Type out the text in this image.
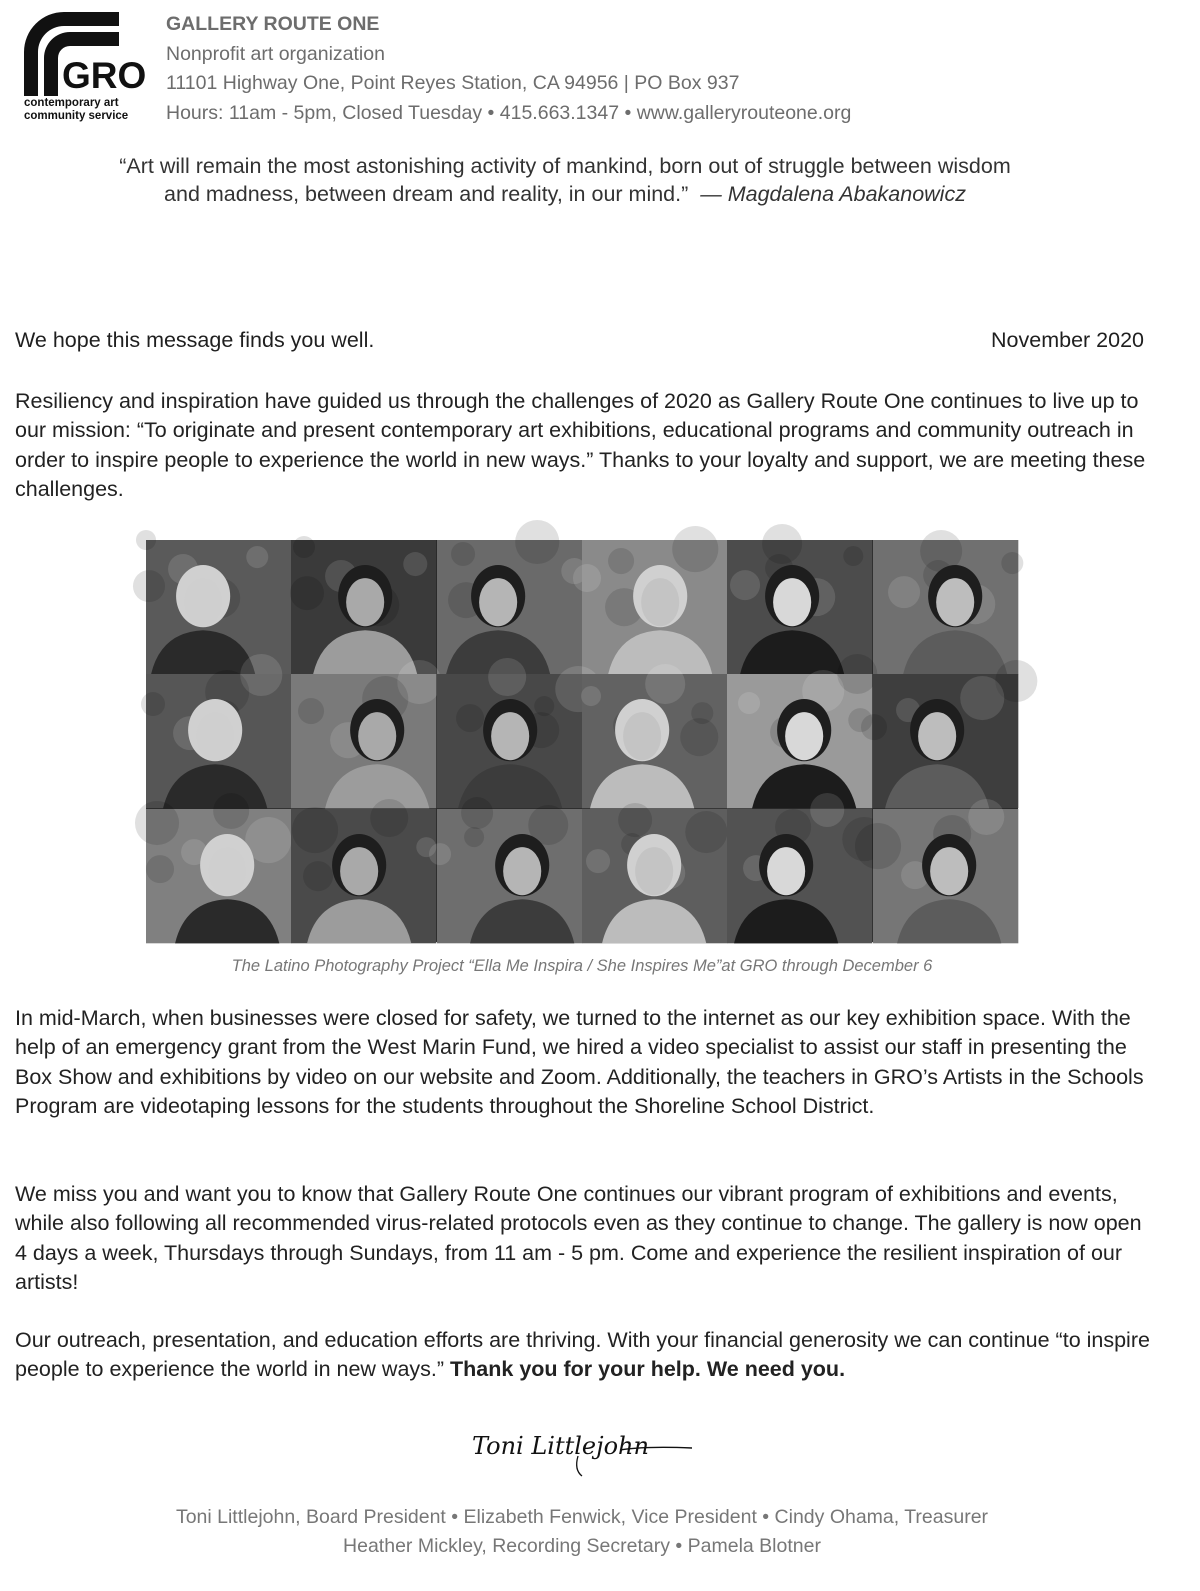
GRO
contemporary art
community service
GALLERY ROUTE ONE
Nonprofit art organization
11101 Highway One, Point Reyes Station, CA 94956 | PO Box 937
Hours: 11am - 5pm, Closed Tuesday • 415.663.1347 • www.galleryrouteone.org
“Art will remain the most astonishing activity of mankind, born out of struggle between wisdom
and madness, between dream and reality, in our mind.” — Magdalena Abakanowicz
We hope this message finds you well.	November 2020
Resiliency and inspiration have guided us through the challenges of 2020 as Gallery Route One continues to live up to our mission: “To originate and present contemporary art exhibitions, educational programs and community outreach in order to inspire people to experience the world in new ways.” Thanks to your loyalty and support, we are meeting these challenges.
The Latino Photography Project “Ella Me Inspira / She Inspires Me”at GRO through December 6
In mid-March, when businesses were closed for safety, we turned to the internet as our key exhibition space. With the help of an emergency grant from the West Marin Fund, we hired a video specialist to assist our staff in presenting the Box Show and exhibitions by video on our website and Zoom. Additionally, the teachers in GRO’s Artists in the Schools Program are videotaping lessons for the students throughout the Shoreline School District.
We miss you and want you to know that Gallery Route One continues our vibrant program of exhibitions and events, while also following all recommended virus-related protocols even as they continue to change. The gallery is now open 4 days a week, Thursdays through Sundays, from 11 am - 5 pm. Come and experience the resilient inspiration of our artists!
Our outreach, presentation, and education efforts are thriving. With your financial generosity we can continue “to inspire people to experience the world in new ways.” Thank you for your help. We need you.
Toni Littlejohn
Toni Littlejohn, Board President • Elizabeth Fenwick, Vice President • Cindy Ohama, Treasurer
Heather Mickley, Recording Secretary • Pamela Blotner
